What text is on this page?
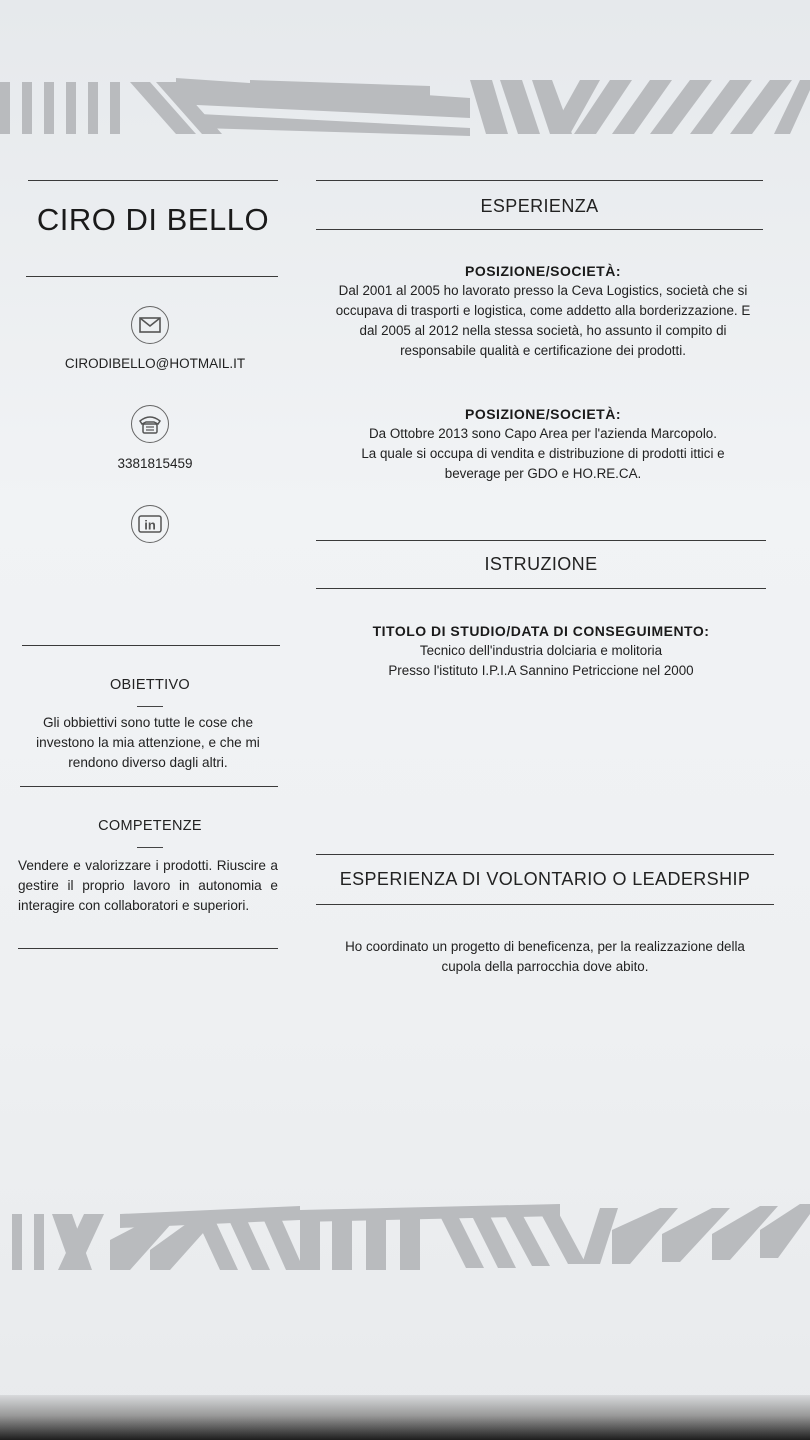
CIRO DI BELLO
CIRODIBELLO@HOTMAIL.IT
3381815459
in
OBIETTIVO
Gli obbiettivi sono tutte le cose che
investono la mia attenzione, e che mi
rendono diverso dagli altri.
COMPETENZE
Vendere e valorizzare i prodotti. Riuscire a gestire il proprio lavoro in autonomia e interagire con collaboratori e superiori.
ESPERIENZA
POSIZIONE/SOCIETÀ:
Dal 2001 al 2005 ho lavorato presso la Ceva Logistics, società che si
occupava di trasporti e logistica, come addetto alla borderizzazione. E
dal 2005 al 2012 nella stessa società, ho assunto il compito di
responsabile qualità e certificazione dei prodotti.
POSIZIONE/SOCIETÀ:
Da Ottobre 2013 sono Capo Area per l'azienda Marcopolo.
La quale si occupa di vendita e distribuzione di prodotti ittici e
beverage per GDO e HO.RE.CA.
ISTRUZIONE
TITOLO DI STUDIO/DATA DI CONSEGUIMENTO:
Tecnico dell'industria dolciaria e molitoria
Presso l'istituto I.P.I.A Sannino Petriccione nel 2000
ESPERIENZA DI VOLONTARIO O LEADERSHIP
Ho coordinato un progetto di beneficenza, per la realizzazione della
cupola della parrocchia dove abito.
